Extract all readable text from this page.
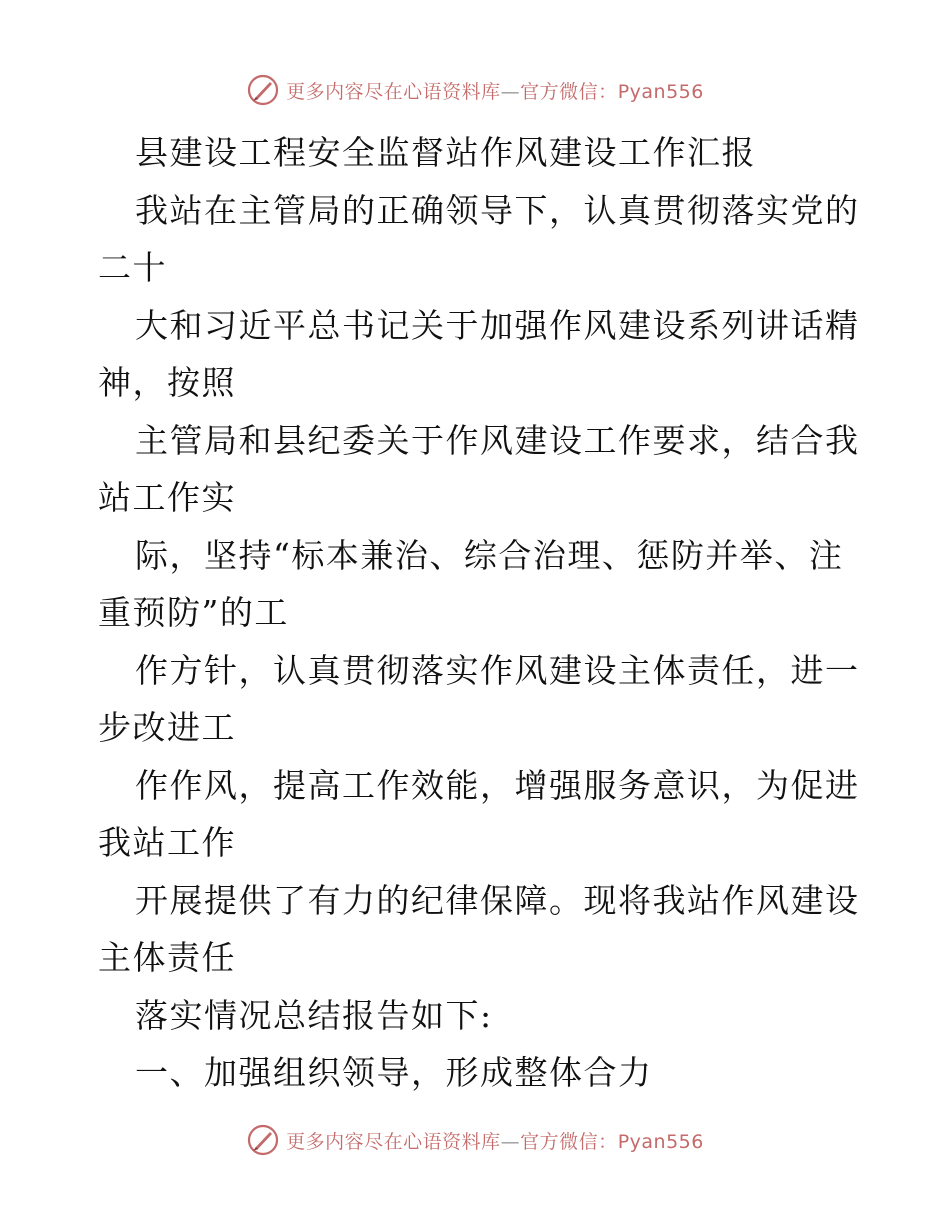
更多内容尽在心语资料库—官方微信：Pyan556
县建设工程安全监督站作风建设工作汇报
我站在主管局的正确领导下，认真贯彻落实党的
二十
大和习近平总书记关于加强作风建设系列讲话精
神，按照
主管局和县纪委关于作风建设工作要求，结合我
站工作实
际，坚持“标本兼治、综合治理、惩防并举、注
重预防”的工
作方针，认真贯彻落实作风建设主体责任，进一
步改进工
作作风，提高工作效能，增强服务意识，为促进
我站工作
开展提供了有力的纪律保障。现将我站作风建设
主体责任
落实情况总结报告如下:
一、加强组织领导，形成整体合力
更多内容尽在心语资料库—官方微信：Pyan556
